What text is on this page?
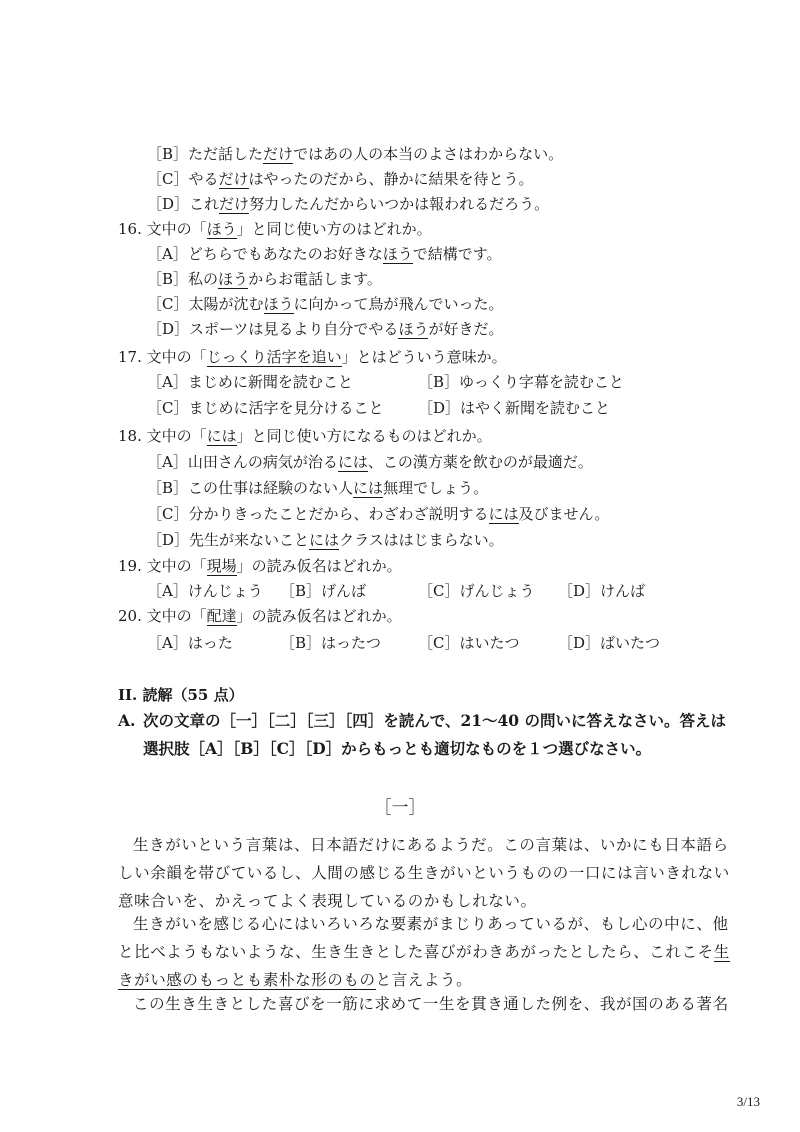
［B］ただ話しただけではあの人の本当のよさはわからない。
［C］やるだけはやったのだから、静かに結果を待とう。
［D］これだけ努力したんだからいつかは報われるだろう。
16. 文中の「ほう」と同じ使い方のはどれか。
［A］どちらでもあなたのお好きなほうで結構です。
［B］私のほうからお電話します。
［C］太陽が沈むほうに向かって鳥が飛んでいった。
［D］スポーツは見るより自分でやるほうが好きだ。
17. 文中の「じっくり活字を追い」とはどういう意味か。
［A］まじめに新聞を読むこと	［B］ゆっくり字幕を読むこと
［C］まじめに活字を見分けること ［D］はやく新聞を読むこと
18. 文中の「には」と同じ使い方になるものはどれか。
［A］山田さんの病気が治るには、この漢方薬を飲むのが最適だ。
［B］この仕事は経験のない人には無理でしょう。
［C］分かりきったことだから、わざわざ説明するには及びません。
［D］先生が来ないことにはクラスははじまらない。
19. 文中の「現場」の読み仮名はどれか。
［A］けんじょう ［B］げんば	［C］げんじょう ［D］けんば
20. 文中の「配達」の読み仮名はどれか。
［A］はった	［B］はったつ ［C］はいたつ	［D］ばいたつ
II. 読解（55 点）
A. 次の文章の［一］［二］［三］［四］を読んで、21～40 の問いに答えなさい。答えは
選択肢［A］［B］［C］［D］からもっとも適切なものを１つ選びなさい。
［一］
生きがいという言葉は、日本語だけにあるようだ。この言葉は、いかにも日本語ら
しい余韻を帯びているし、人間の感じる生きがいというものの一口には言いきれない
意味合いを、かえってよく表現しているのかもしれない。
生きがいを感じる心にはいろいろな要素がまじりあっているが、もし心の中に、他
と比べようもないような、生き生きとした喜びがわきあがったとしたら、これこそ生
きがい感のもっとも素朴な形のものと言えよう。
この生き生きとした喜びを一筋に求めて一生を貫き通した例を、我が国のある著名
3/13
